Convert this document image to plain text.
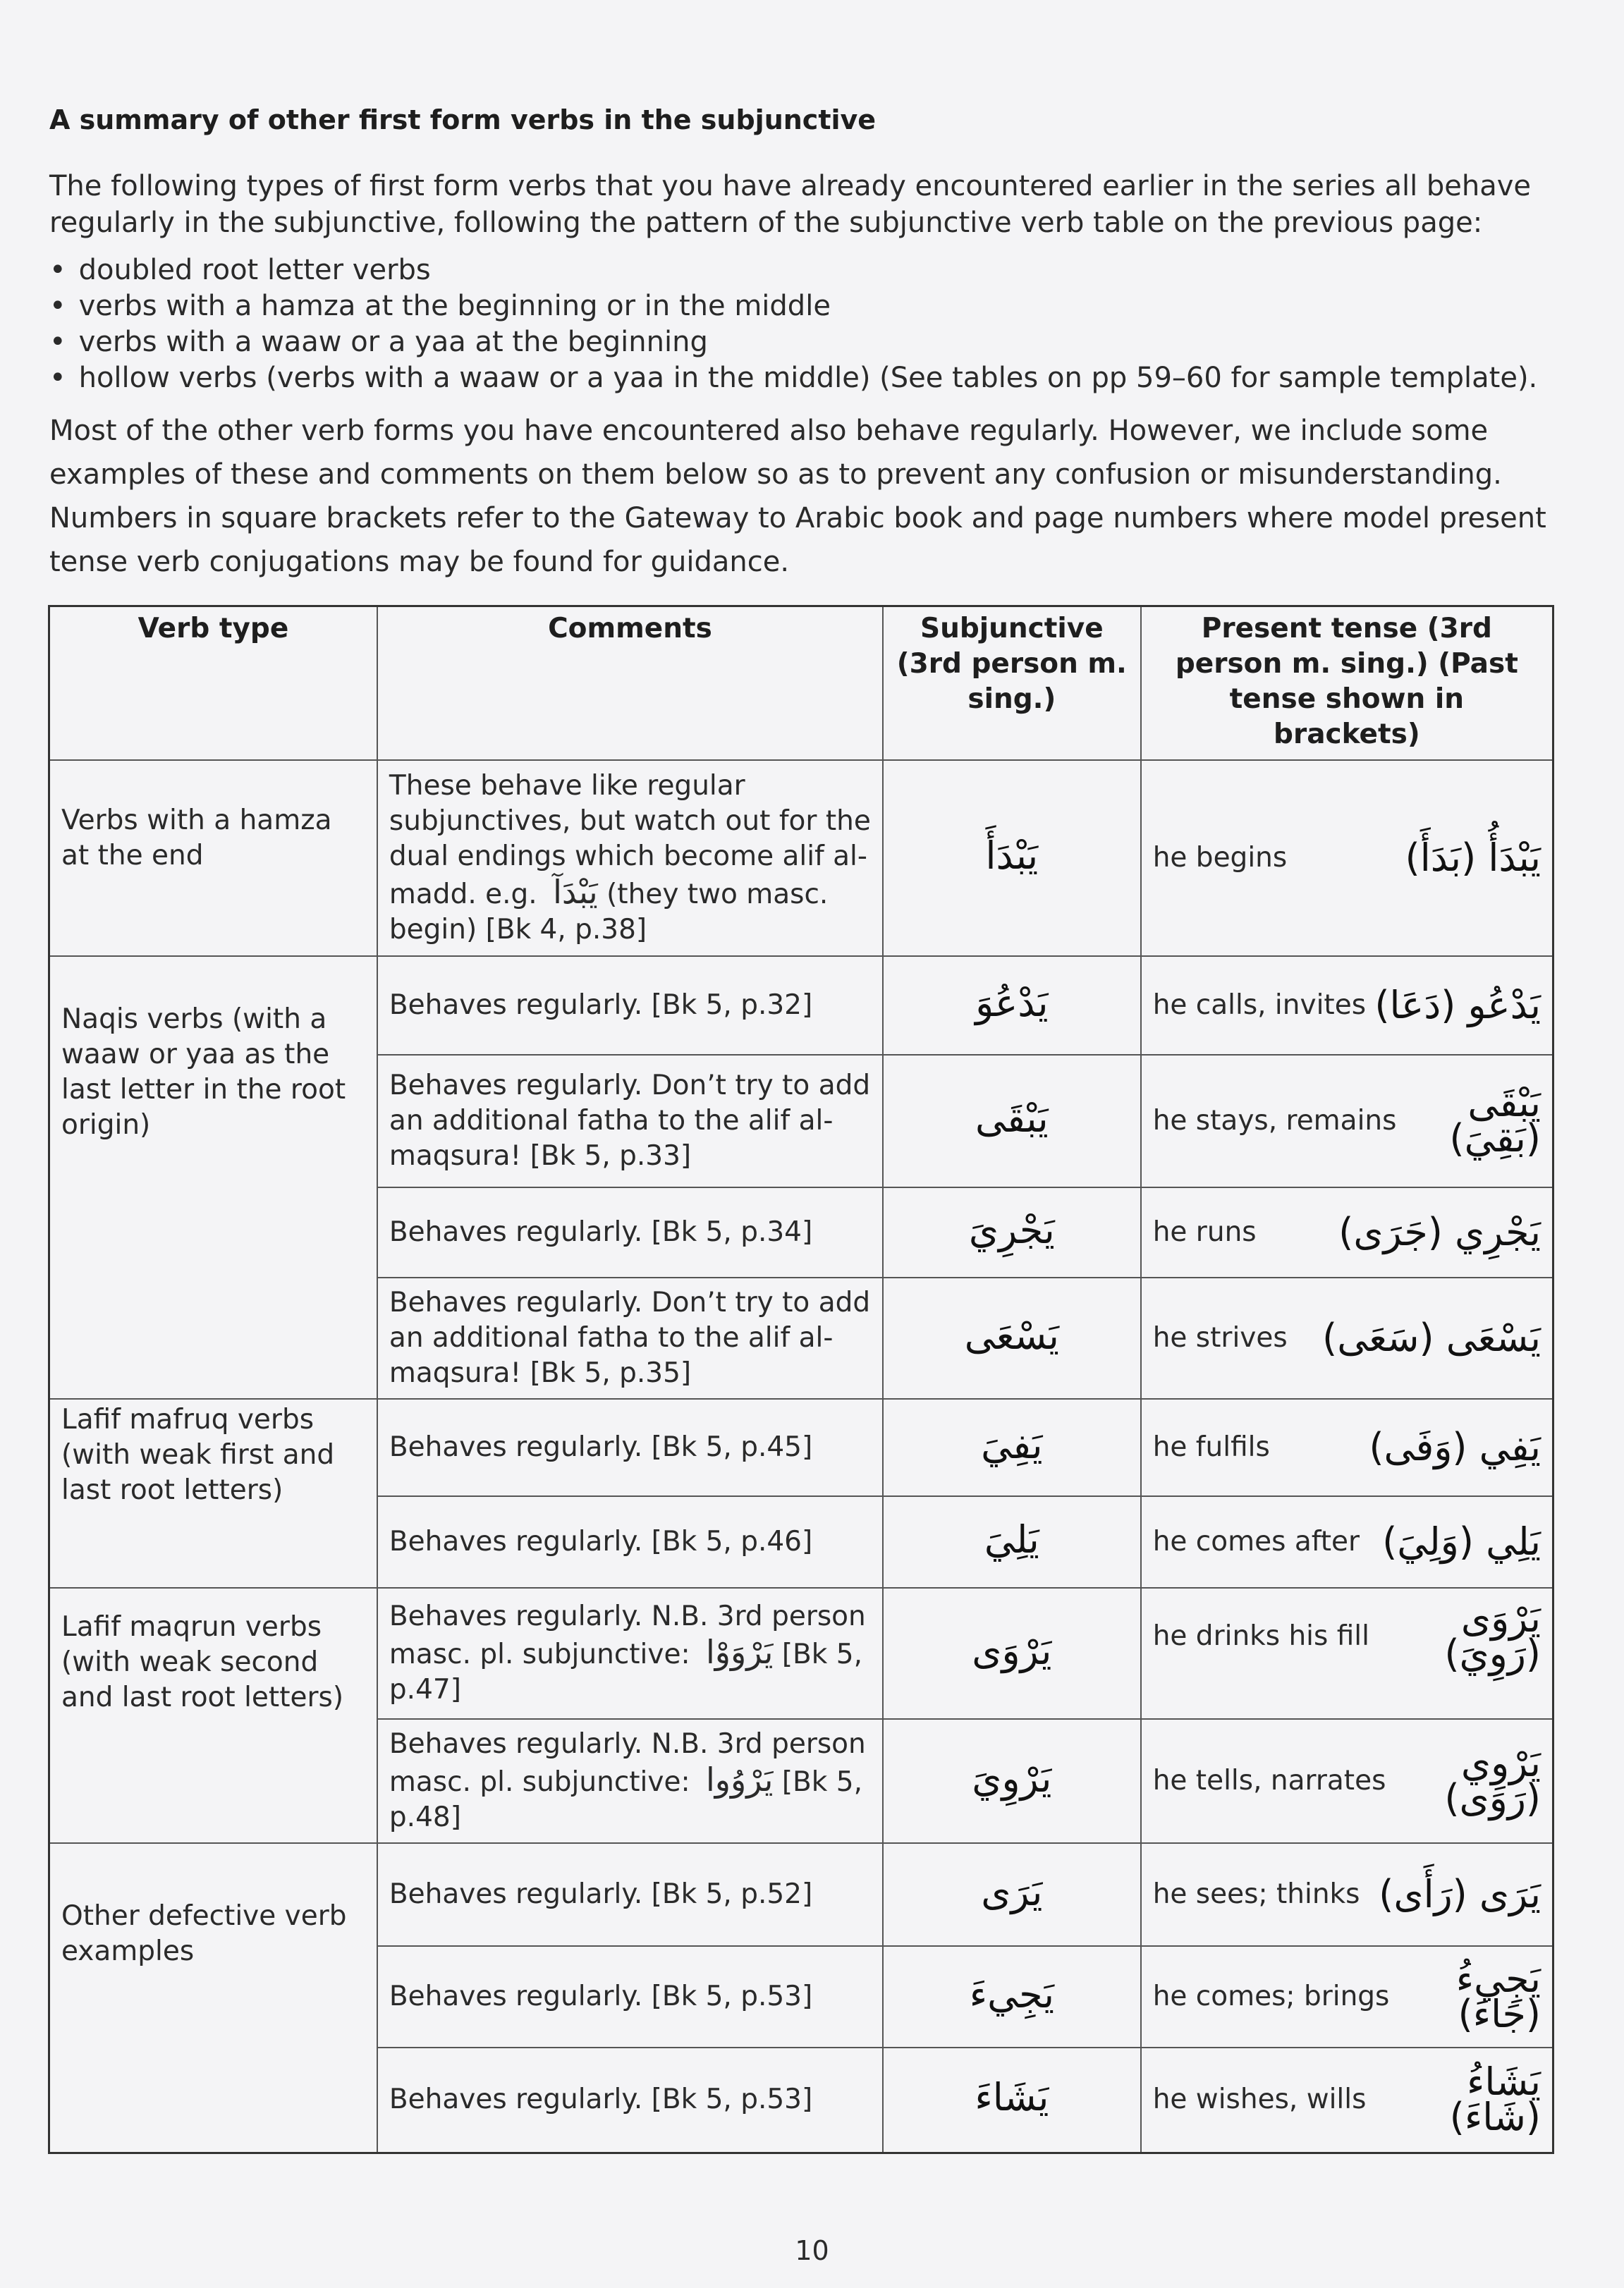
A summary of other first form verbs in the subjunctive
The following types of first form verbs that you have already encountered earlier in the series all behave regularly in the subjunctive, following the pattern of the subjunctive verb table on the previous page:
• doubled root letter verbs
• verbs with a hamza at the beginning or in the middle
• verbs with a waaw or a yaa at the beginning
• hollow verbs (verbs with a waaw or a yaa in the middle) (See tables on pp 59–60 for sample template).
Most of the other verb forms you have encountered also behave regularly. However, we include some examples of these and comments on them below so as to prevent any confusion or misunderstanding. Numbers in square brackets refer to the Gateway to Arabic book and page numbers where model present tense verb conjugations may be found for guidance.
Verb type	Comments	Subjunctive (3rd person m. sing.)	Present tense (3rd person m. sing.) (Past tense shown in brackets)
Verbs with a hamza at the end	These behave like regular subjunctives, but watch out for the dual endings which become alif al-madd. e.g. يَبْدَآ (they two masc. begin) [Bk 4, p.38]	يَبْدَأَ	he begins يَبْدَأُ (بَدَأَ)

Naqis verbs (with a waaw or yaa as the last letter in the root origin)	Behaves regularly. [Bk 5, p.32]	يَدْعُوَ	he calls, invites يَدْعُو (دَعَا)

	Behaves regularly. Don’t try to add an additional fatha to the alif al-maqsura! [Bk 5, p.33]	يَبْقَى	he stays, remains يَبْقَى (بَقِيَ)

	Behaves regularly. [Bk 5, p.34]	يَجْرِيَ	he runs يَجْرِي (جَرَى)

	Behaves regularly. Don’t try to add an additional fatha to the alif al-maqsura! [Bk 5, p.35]	يَسْعَى	he strives يَسْعَى (سَعَى)

Lafif mafruq verbs (with weak first and last root letters)	Behaves regularly. [Bk 5, p.45]	يَفِيَ	he fulfils يَفِي (وَفَى)

	Behaves regularly. [Bk 5, p.46]	يَلِيَ	he comes after يَلِي (وَلِيَ)

Lafif maqrun verbs (with weak second and last root letters)	Behaves regularly. N.B. 3rd person masc. pl. subjunctive: يَرْوَوْا [Bk 5, p.47]	يَرْوَى	he drinks his fill يَرْوَى (رَوِيَ)

	Behaves regularly. N.B. 3rd person masc. pl. subjunctive: يَرْوُوا [Bk 5, p.48]	يَرْوِيَ	he tells, narrates يَرْوِي (رَوَى)

Other defective verb examples	Behaves regularly. [Bk 5, p.52]	يَرَى	he sees; thinks يَرَى (رَأَى)

	Behaves regularly. [Bk 5, p.53]	يَجِيءَ	he comes; brings يَجِيءُ (جَاءَ)

	Behaves regularly. [Bk 5, p.53]	يَشَاءَ	he wishes, wills يَشَاءُ (شَاءَ)
10
